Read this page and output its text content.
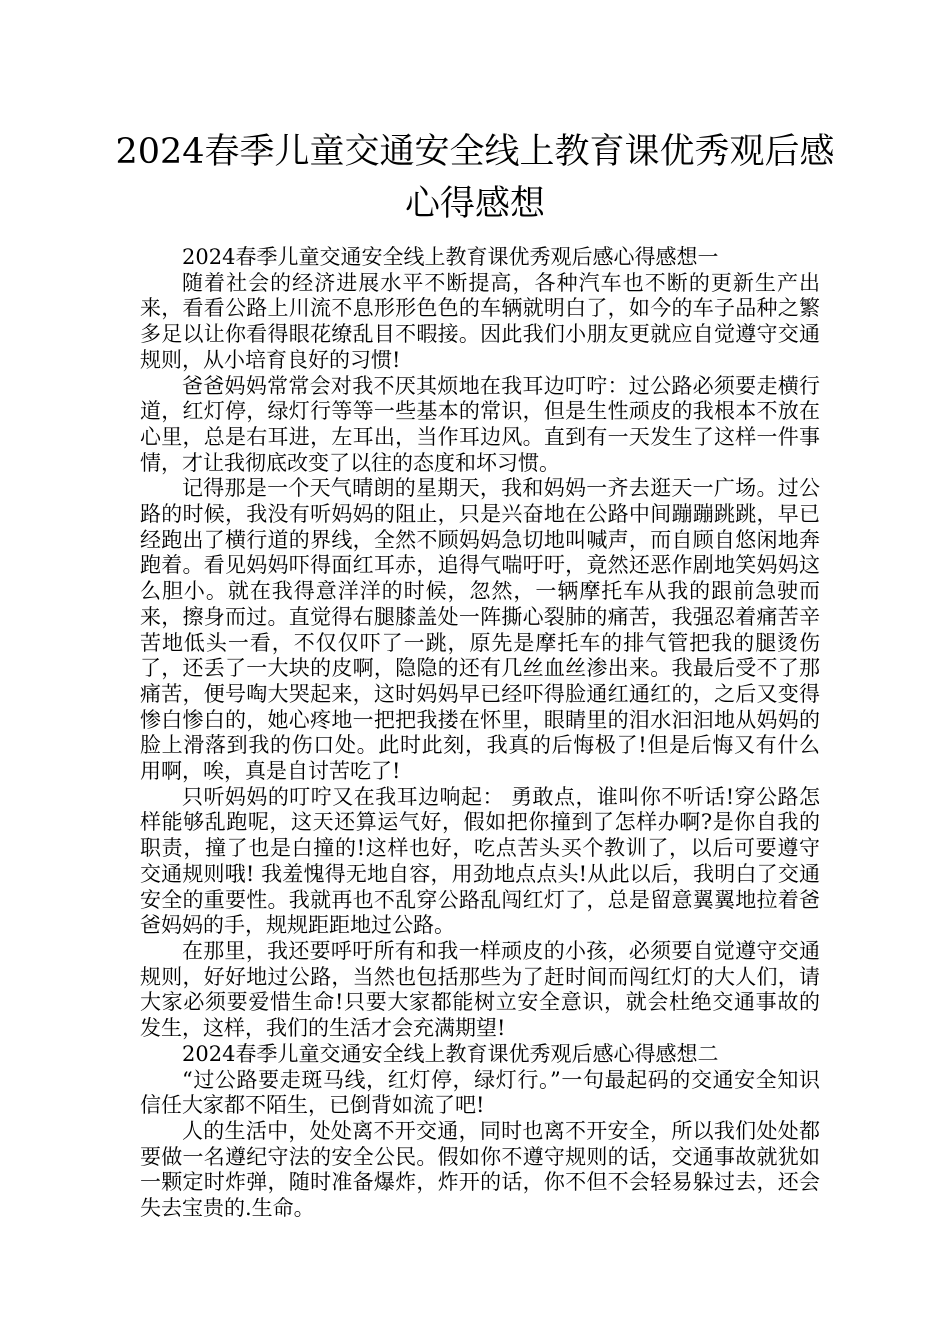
2024春季儿童交通安全线上教育课优秀观后感心得感想

2024春季儿童交通安全线上教育课优秀观后感心得感想一

随着社会的经济进展水平不断提高，各种汽车也不断的更新生产出来，看看公路上川流不息形形色色的车辆就明白了，如今的车子品种之繁多足以让你看得眼花缭乱目不暇接。因此我们小朋友更就应自觉遵守交通规则，从小培育良好的习惯!

爸爸妈妈常常会对我不厌其烦地在我耳边叮咛：过公路必须要走横行道，红灯停，绿灯行等等一些基本的常识，但是生性顽皮的我根本不放在心里，总是右耳进，左耳出，当作耳边风。直到有一天发生了这样一件事情，才让我彻底改变了以往的态度和坏习惯。

记得那是一个天气晴朗的星期天，我和妈妈一齐去逛天一广场。过公路的时候，我没有听妈妈的阻止，只是兴奋地在公路中间蹦蹦跳跳，早已经跑出了横行道的界线，全然不顾妈妈急切地叫喊声，而自顾自悠闲地奔跑着。看见妈妈吓得面红耳赤，追得气喘吁吁，竟然还恶作剧地笑妈妈这么胆小。就在我得意洋洋的时候，忽然，一辆摩托车从我的跟前急驶而来，擦身而过。直觉得右腿膝盖处一阵撕心裂肺的痛苦，我强忍着痛苦辛苦地低头一看，不仅仅吓了一跳，原先是摩托车的排气管把我的腿烫伤了，还丢了一大块的皮啊，隐隐的还有几丝血丝渗出来。我最后受不了那痛苦，便号啕大哭起来，这时妈妈早已经吓得脸通红通红的，之后又变得惨白惨白的，她心疼地一把把我搂在怀里，眼睛里的泪水汩汩地从妈妈的脸上滑落到我的伤口处。此时此刻，我真的后悔极了!但是后悔又有什么用啊，唉，真是自讨苦吃了!

只听妈妈的叮咛又在我耳边响起： 勇敢点，谁叫你不听话!穿公路怎样能够乱跑呢，这天还算运气好，假如把你撞到了怎样办啊?是你自我的职责，撞了也是白撞的!这样也好，吃点苦头买个教训了，以后可要遵守交通规则哦! 我羞愧得无地自容，用劲地点点头!从此以后，我明白了交通安全的重要性。我就再也不乱穿公路乱闯红灯了，总是留意翼翼地拉着爸爸妈妈的手，规规距距地过公路。

在那里，我还要呼吁所有和我一样顽皮的小孩，必须要自觉遵守交通规则，好好地过公路，当然也包括那些为了赶时间而闯红灯的大人们，请大家必须要爱惜生命!只要大家都能树立安全意识，就会杜绝交通事故的发生，这样，我们的生活才会充满期望!

2024春季儿童交通安全线上教育课优秀观后感心得感想二

“过公路要走斑马线，红灯停，绿灯行。”一句最起码的交通安全知识信任大家都不陌生，已倒背如流了吧!

人的生活中，处处离不开交通，同时也离不开安全，所以我们处处都要做一名遵纪守法的安全公民。假如你不遵守规则的话，交通事故就犹如一颗定时炸弹，随时准备爆炸，炸开的话，你不但不会轻易躲过去，还会失去宝贵的.生命。
